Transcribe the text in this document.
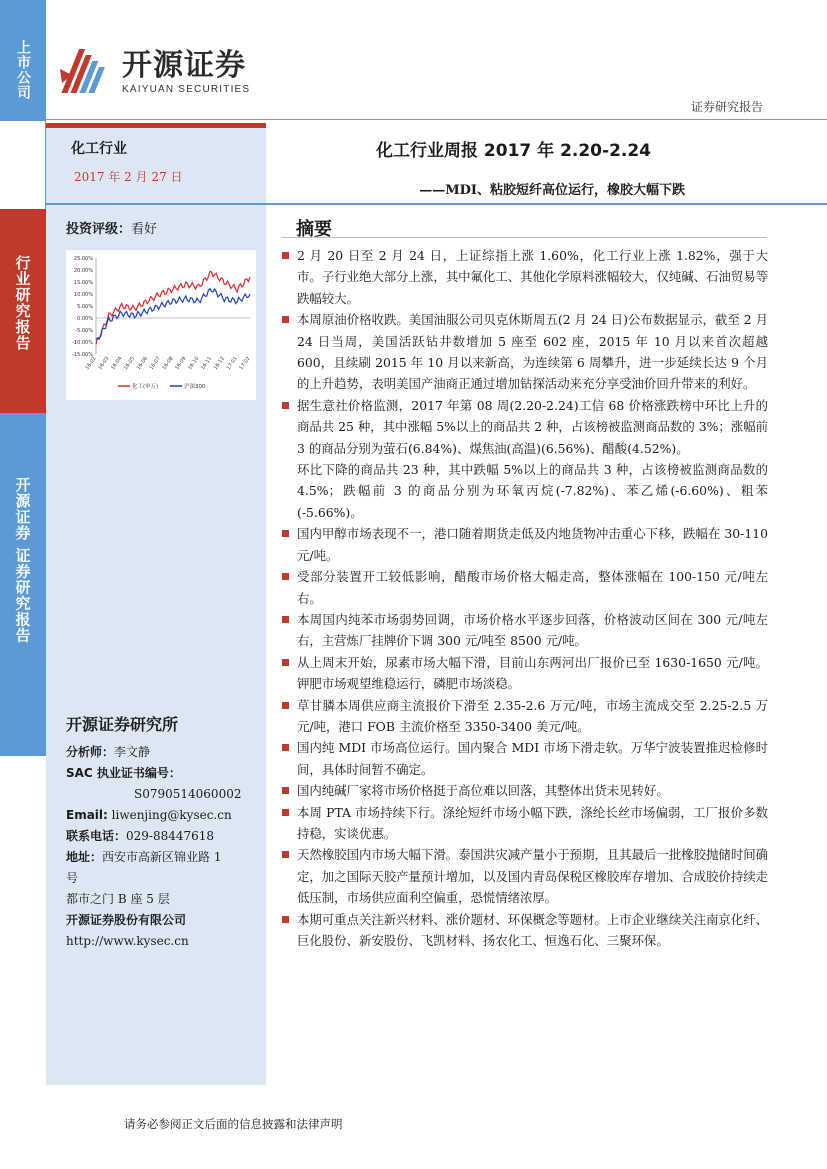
上市公司
行业研究报告
开源证券 证券研究报告
开源证券
KAIYUAN SECURITIES
证券研究报告
化工行业
2017 年 2 月 27 日
化工行业周报 2017 年 2.20-2.24
——MDI、粘胶短纤高位运行，橡胶大幅下跌
投资评级：看好
25.00%
20.00%
15.00%
10.00%
5.00%
0.00%
-5.00%
-10.00%
-15.00%
16-02 16-03 16-04 16-05 16-06 16-07 16-08 16-09 16-10 16-11 16-12 17-01 17-02
化工(申万)	沪深300
开源证券研究所
分析师：李文静
SAC 执业证书编号：
S0790514060002
Email: liwenjing@kysec.cn
联系电话：029-88447618
地址：西安市高新区锦业路 1
号
都市之门 B 座 5 层
开源证券股份有限公司
http://www.kysec.cn
摘要
2 月 20 日至 2 月 24 日，上证综指上涨 1.60%，化工行业上涨 1.82%，强于大市。子行业绝大部分上涨，其中氟化工、其他化学原料涨幅较大，仅纯碱、石油贸易等跌幅较大。
本周原油价格收跌。美国油服公司贝克休斯周五(2 月 24 日)公布数据显示，截至 2 月 24 日当周，美国活跃钻井数增加 5 座至 602 座，2015 年 10 月以来首次超越 600，且续刷 2015 年 10 月以来新高，为连续第 6 周攀升，进一步延续长达 9 个月的上升趋势，表明美国产油商正通过增加钻探活动来充分享受油价回升带来的利好。
据生意社价格监测，2017 年第 08 周(2.20-2.24)工信 68 价格涨跌榜中环比上升的商品共 25 种，其中涨幅 5%以上的商品共 2 种，占该榜被监测商品数的 3%；涨幅前 3 的商品分别为萤石(6.84%)、煤焦油(高温)(6.56%)、醋酸(4.52%)。
环比下降的商品共 23 种，其中跌幅 5%以上的商品共 3 种，占该榜被监测商品数的 4.5%；跌幅前 3 的商品分别为环氧丙烷(-7.82%)、苯乙烯(-6.60%)、粗苯(-5.66%)。
国内甲醇市场表现不一，港口随着期货走低及内地货物冲击重心下移，跌幅在 30-110 元/吨。
受部分装置开工较低影响，醋酸市场价格大幅走高，整体涨幅在 100-150 元/吨左右。
本周国内纯苯市场弱势回调，市场价格水平逐步回落，价格波动区间在 300 元/吨左右，主营炼厂挂牌价下调 300 元/吨至 8500 元/吨。
从上周末开始，尿素市场大幅下滑，目前山东两河出厂报价已至 1630-1650 元/吨。钾肥市场观望维稳运行，磷肥市场淡稳。
草甘膦本周供应商主流报价下滑至 2.35-2.6 万元/吨，市场主流成交至 2.25-2.5 万元/吨，港口 FOB 主流价格至 3350-3400 美元/吨。
国内纯 MDI 市场高位运行。国内聚合 MDI 市场下滑走软。万华宁波装置推迟检修时间，具体时间暂不确定。
国内纯碱厂家将市场价格挺于高位难以回落，其整体出货未见转好。
本周 PTA 市场持续下行。涤纶短纤市场小幅下跌，涤纶长丝市场偏弱，工厂报价多数持稳，实谈优惠。
天然橡胶国内市场大幅下滑。泰国洪灾减产量小于预期，且其最后一批橡胶抛储时间确定，加之国际天胶产量预计增加，以及国内青岛保税区橡胶库存增加、合成胶价持续走低压制，市场供应面利空偏重，恐慌情绪浓厚。
本期可重点关注新兴材料、涨价题材、环保概念等题材。上市企业继续关注南京化纤、巨化股份、新安股份、飞凯材料、扬农化工、恒逸石化、三聚环保。
请务必参阅正文后面的信息披露和法律声明
